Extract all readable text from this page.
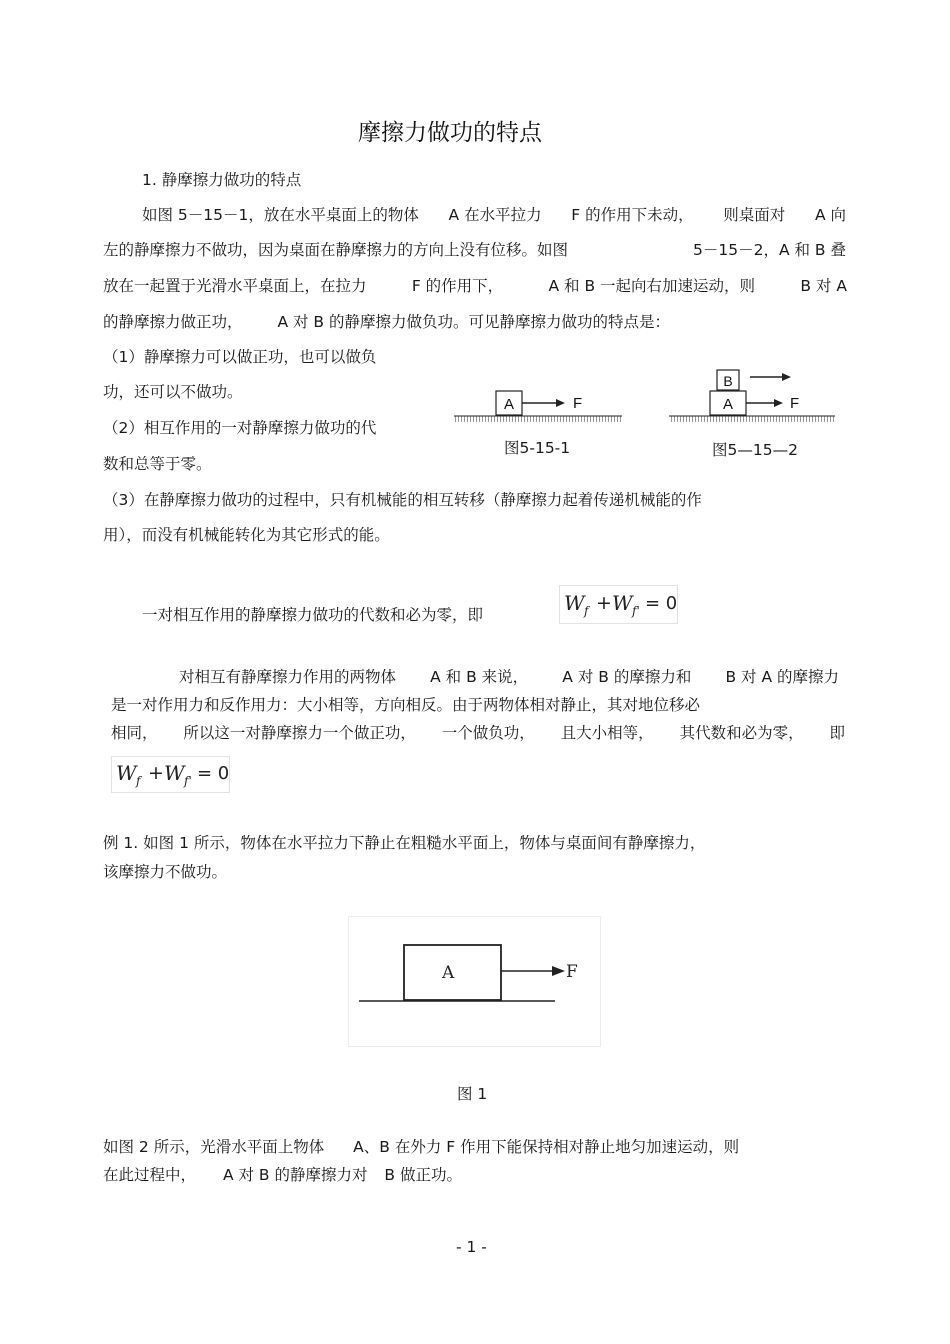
摩擦力做功的特点
1. 静摩擦力做功的特点
如图 5－15－1，放在水平桌面上的物体 A 在水平拉力 F 的作用下未动， 则桌面对 A 向
左的静摩擦力不做功，因为桌面在静摩擦力的方向上没有位移。如图	5－15－2，A 和 B 叠
放在一起置于光滑水平桌面上，在拉力	F 的作用下，	A 和 B 一起向右加速运动，则	B 对 A
的静摩擦力做正功， A 对 B 的静摩擦力做负功。可见静摩擦力做功的特点是：
（1）静摩擦力可以做正功，也可以做负
功，还可以不做功。
（2）相互作用的一对静摩擦力做功的代
数和总等于零。
（3）在静摩擦力做功的过程中，只有机械能的相互转移（静摩擦力起着传递机械能的作
用），而没有机械能转化为其它形式的能。
A	F
图5-15-1
B
A	F
图5—15—2
一对相互作用的静摩擦力做功的代数和必为零，即	W f + W f' = 0
对相互有静摩擦力作用的两物体 A 和 B 来说， A 对 B 的摩擦力和 B 对 A 的摩擦力
是一对作用力和反作用力：大小相等，方向相反。由于两物体相对静止，其对地位移必
相同， 所以这一对静摩擦力一个做正功， 一个做负功， 且大小相等， 其代数和必为零， 即
W f + W f' = 0
例 1. 如图 1 所示，物体在水平拉力下静止在粗糙水平面上，物体与桌面间有静摩擦力，
该摩擦力不做功。
A	F
图 1
如图 2 所示，光滑水平面上物体 A、B 在外力 F 作用下能保持相对静止地匀加速运动，则
在此过程中， A 对 B 的静摩擦力对 B 做正功。
- 1 -
